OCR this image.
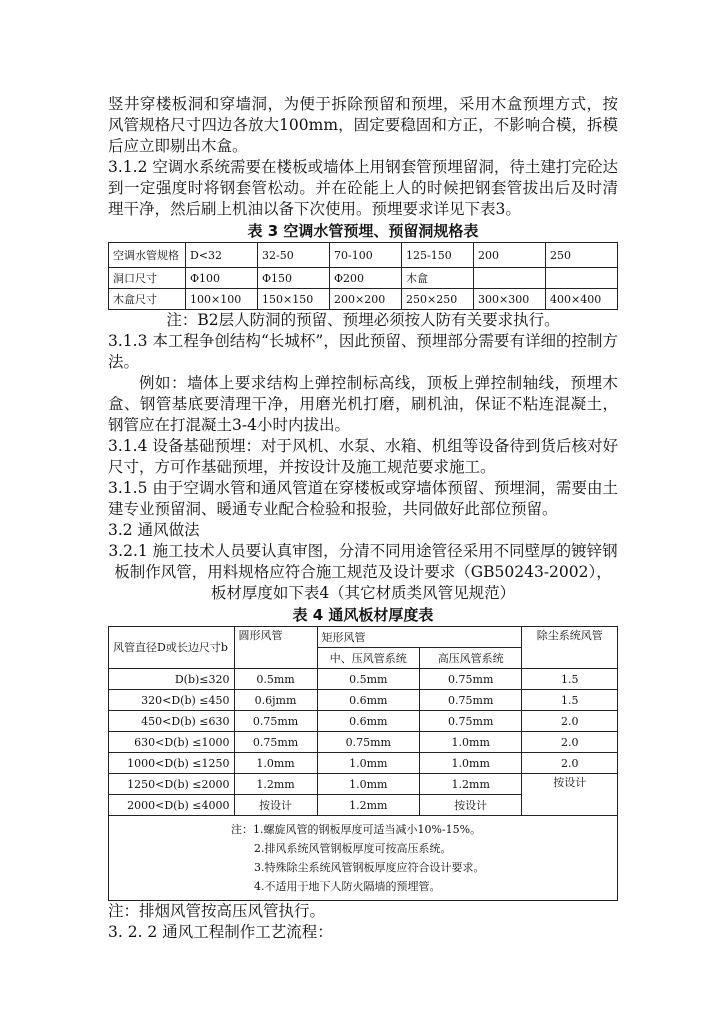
竖井穿楼板洞和穿墙洞，为便于拆除预留和预埋，采用木盒预埋方式，按风管规格尺寸四边各放大100mm，固定要稳固和方正，不影响合模，拆模后应立即剔出木盒。

3.1.2 空调水系统需要在楼板或墙体上用钢套管预埋留洞，待土建打完砼达到一定强度时将钢套管松动。并在砼能上人的时候把钢套管拔出后及时清理干净，然后刷上机油以备下次使用。预埋要求详见下表3。

表 3 空调水管预埋、预留洞规格表
空调水管规格	D<32	32-50	70-100	125-150	200	250
洞口尺寸	Φ100	Φ150	Φ200	木盒		
木盒尺寸	100×100	150×150	200×200	250×250	300×300	400×400

注：B2层人防洞的预留、预埋必须按人防有关要求执行。

3.1.3 本工程争创结构“长城杯”，因此预留、预埋部分需要有详细的控制方法。

例如：墙体上要求结构上弹控制标高线，顶板上弹控制轴线，预埋木盒、钢管基底要清理干净，用磨光机打磨，刷机油，保证不粘连混凝土，钢管应在打混凝土3-4小时内拔出。

3.1.4 设备基础预埋：对于风机、水泵、水箱、机组等设备待到货后核对好尺寸，方可作基础预埋，并按设计及施工规范要求施工。

3.1.5 由于空调水管和通风管道在穿楼板或穿墙体预留、预埋洞，需要由土建专业预留洞、暖通专业配合检验和报验，共同做好此部位预留。

3.2 通风做法

3.2.1 施工技术人员要认真审图，分清不同用途管径采用不同壁厚的镀锌钢板制作风管，用料规格应符合施工规范及设计要求（GB50243-2002），板材厚度如下表4（其它材质类风管见规范）

表 4 通风板材厚度表
风管直径D或长边尺寸b	圆形风管	矩形风管		除尘系统风管
		中、压风管系统	高压风管系统	
D(b)≤320	0.5mm	0.5mm	0.75mm	1.5
320<D(b) ≤450	0.6jmm	0.6mm	0.75mm	1.5
450<D(b) ≤630	0.75mm	0.6mm	0.75mm	2.0
630<D(b) ≤1000	0.75mm	0.75mm	1.0mm	2.0
1000<D(b) ≤1250	1.0mm	1.0mm	1.0mm	2.0
1250<D(b) ≤2000	1.2mm	1.0mm	1.2mm	按设计
2000<D(b) ≤4000	按设计	1.2mm	按设计	

注：1.螺旋风管的钢板厚度可适当减小10%-15%。
2.排风系统风管钢板厚度可按高压系统。
3.特殊除尘系统风管钢板厚度应符合设计要求。
4.不适用于地下人防火隔墙的预埋管。				

注：排烟风管按高压风管执行。

3. 2. 2 通风工程制作工艺流程：
